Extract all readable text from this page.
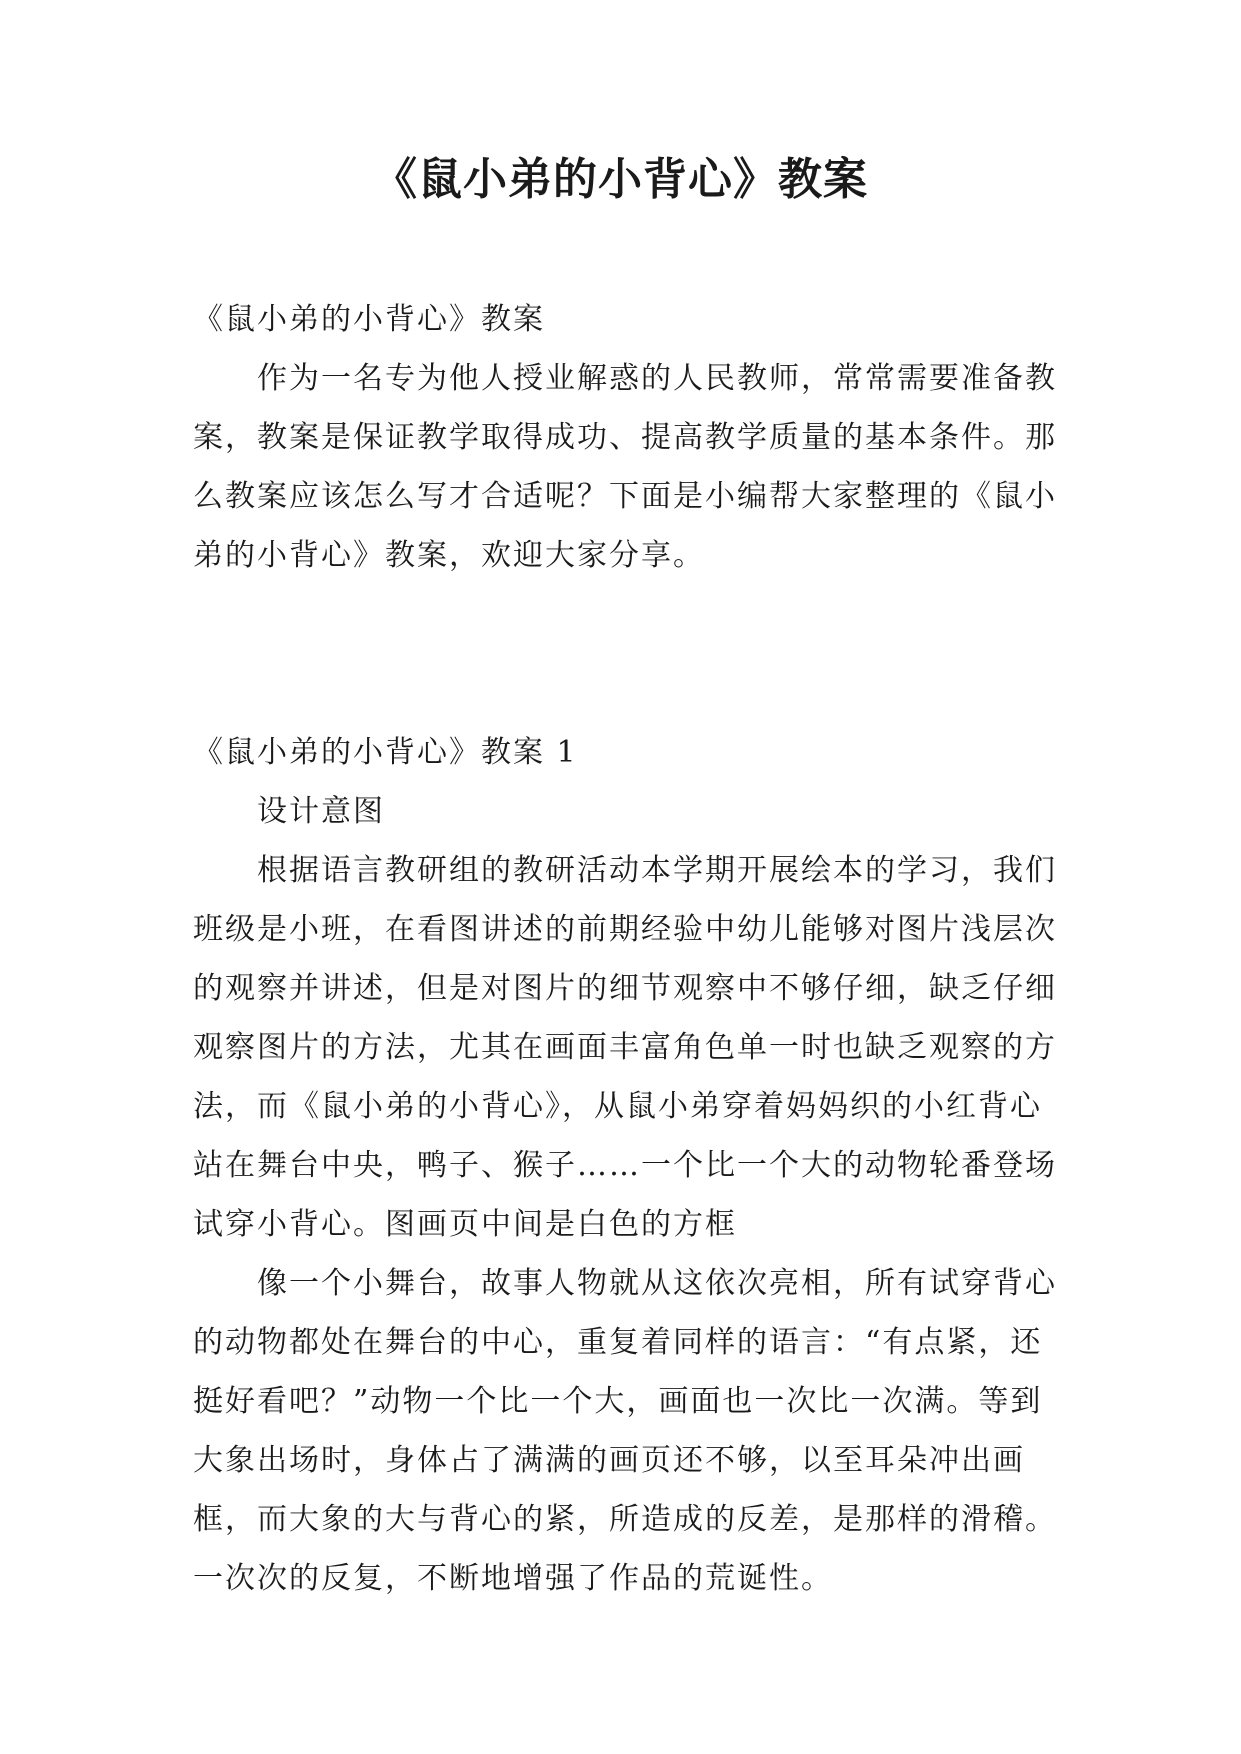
《鼠小弟的小背心》教案

《鼠小弟的小背心》教案

作为一名专为他人授业解惑的人民教师，常常需要准备教案，教案是保证教学取得成功、提高教学质量的基本条件。那么教案应该怎么写才合适呢？下面是小编帮大家整理的《鼠小弟的小背心》教案，欢迎大家分享。

《鼠小弟的小背心》教案 1

设计意图

根据语言教研组的教研活动本学期开展绘本的学习，我们班级是小班，在看图讲述的前期经验中幼儿能够对图片浅层次的观察并讲述，但是对图片的细节观察中不够仔细，缺乏仔细观察图片的方法，尤其在画面丰富角色单一时也缺乏观察的方法，而《鼠小弟的小背心》，从鼠小弟穿着妈妈织的小红背心站在舞台中央，鸭子、猴子……一个比一个大的动物轮番登场试穿小背心。图画页中间是白色的方框

像一个小舞台，故事人物就从这依次亮相，所有试穿背心的动物都处在舞台的中心，重复着同样的语言：“有点紧，还挺好看吧？”动物一个比一个大，画面也一次比一次满。等到大象出场时，身体占了满满的画页还不够，以至耳朵冲出画框，而大象的大与背心的紧，所造成的反差，是那样的滑稽。一次次的反复，不断地增强了作品的荒诞性。
